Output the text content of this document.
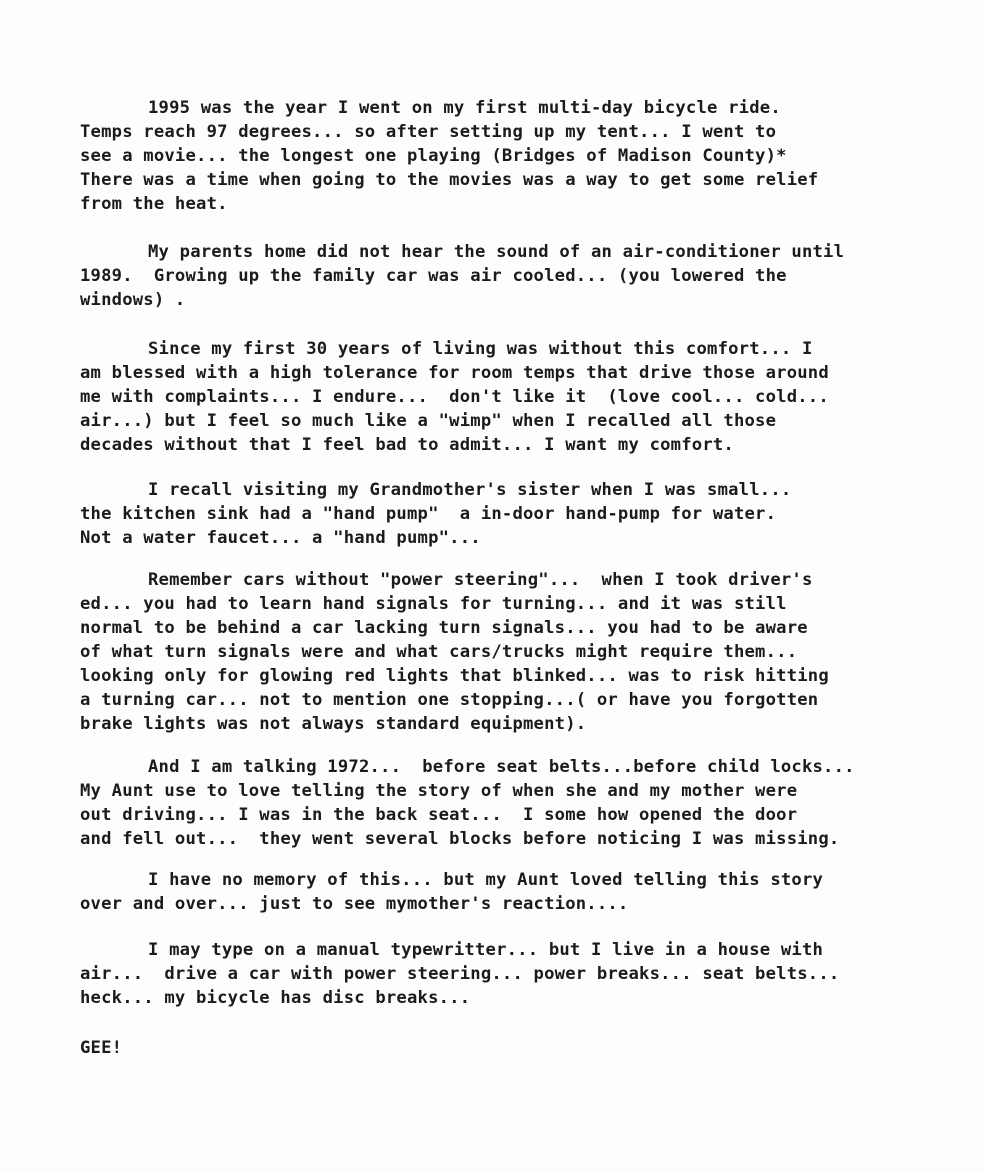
1995 was the year I went on my first multi-day bicycle ride.
Temps reach 97 degrees... so after setting up my tent... I went to
see a movie... the longest one playing (Bridges of Madison County)*
There was a time when going to the movies was a way to get some relief
from the heat.
My parents home did not hear the sound of an air-conditioner until
1989.  Growing up the family car was air cooled... (you lowered the
windows) .
Since my first 30 years of living was without this comfort... I
am blessed with a high tolerance for room temps that drive those around
me with complaints... I endure...  don't like it  (love cool... cold...
air...) but I feel so much like a "wimp" when I recalled all those
decades without that I feel bad to admit... I want my comfort.
I recall visiting my Grandmother's sister when I was small...
the kitchen sink had a "hand pump"  a in-door hand-pump for water.
Not a water faucet... a "hand pump"...
Remember cars without "power steering"...  when I took driver's
ed... you had to learn hand signals for turning... and it was still
normal to be behind a car lacking turn signals... you had to be aware
of what turn signals were and what cars/trucks might require them...
looking only for glowing red lights that blinked... was to risk hitting
a turning car... not to mention one stopping...( or have you forgotten
brake lights was not always standard equipment).
And I am talking 1972...  before seat belts...before child locks...
My Aunt use to love telling the story of when she and my mother were
out driving... I was in the back seat...  I some how opened the door
and fell out...  they went several blocks before noticing I was missing.
I have no memory of this... but my Aunt loved telling this story
over and over... just to see mymother's reaction....
I may type on a manual typewritter... but I live in a house with
air...  drive a car with power steering... power breaks... seat belts...
heck... my bicycle has disc breaks...
GEE!
